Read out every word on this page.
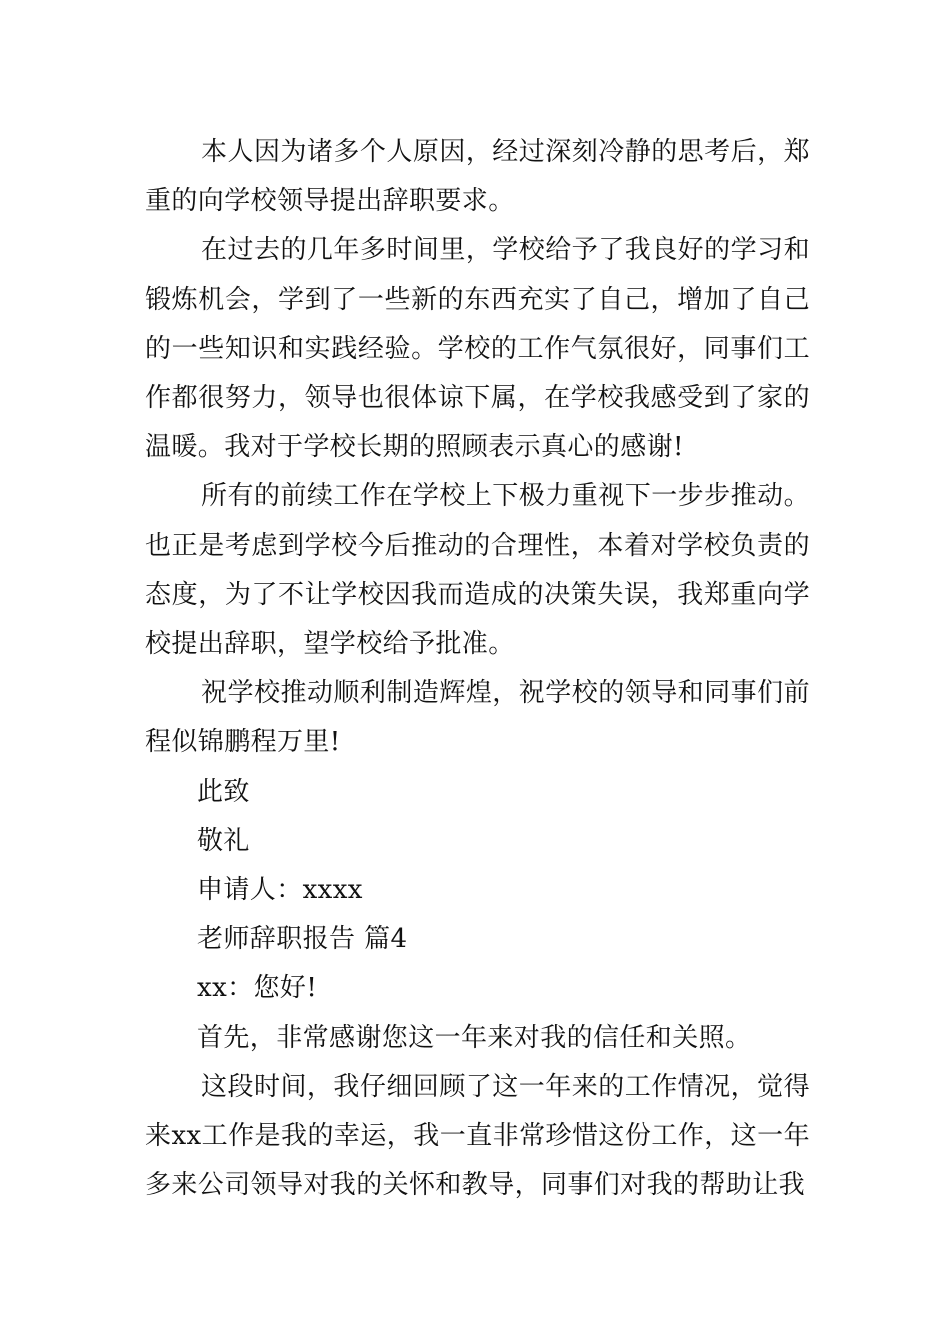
本人因为诸多个人原因，经过深刻冷静的思考后，郑重的向学校领导提出辞职要求。

在过去的几年多时间里，学校给予了我良好的学习和锻炼机会，学到了一些新的东西充实了自己，增加了自己的一些知识和实践经验。学校的工作气氛很好，同事们工作都很努力，领导也很体谅下属，在学校我感受到了家的温暖。我对于学校长期的照顾表示真心的感谢!

所有的前续工作在学校上下极力重视下一步步推动。也正是考虑到学校今后推动的合理性，本着对学校负责的态度，为了不让学校因我而造成的决策失误，我郑重向学校提出辞职，望学校给予批准。

祝学校推动顺利制造辉煌，祝学校的领导和同事们前程似锦鹏程万里!

此致

敬礼

申请人：xxxx

老师辞职报告 篇4

xx：您好!

首先，非常感谢您这一年来对我的信任和关照。

这段时间，我仔细回顾了这一年来的工作情况，觉得来xx工作是我的幸运，我一直非常珍惜这份工作，这一年多来公司领导对我的关怀和教导，同事们对我的帮助让我
